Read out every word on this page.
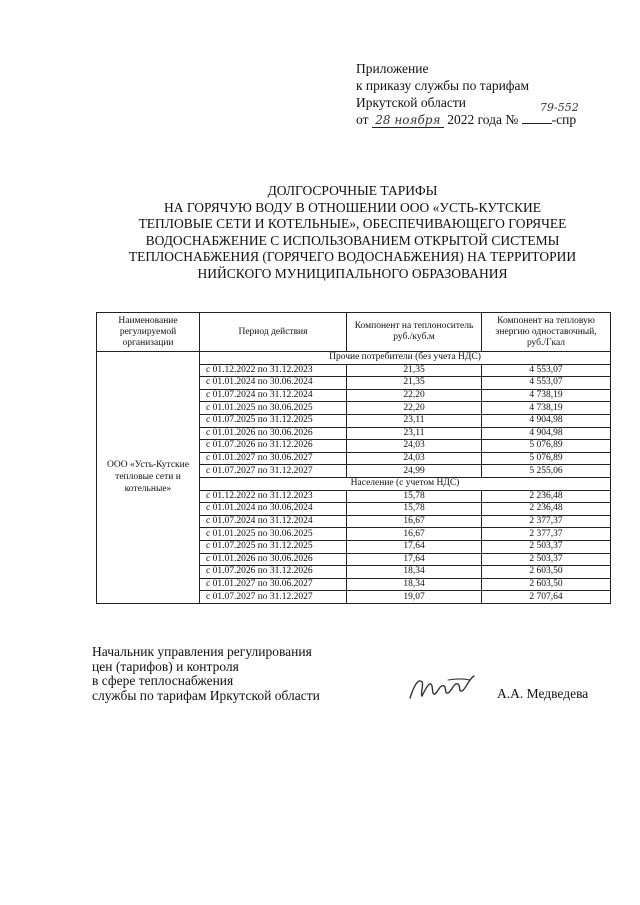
Приложение
к приказу службы по тарифам
Иркутской области
от 28 ноября 2022 года № -спр
79-552
ДОЛГОСРОЧНЫЕ ТАРИФЫ
НА ГОРЯЧУЮ ВОДУ В ОТНОШЕНИИ ООО «УСТЬ-КУТСКИЕ
ТЕПЛОВЫЕ СЕТИ И КОТЕЛЬНЫЕ», ОБЕСПЕЧИВАЮЩЕГО ГОРЯЧЕЕ
ВОДОСНАБЖЕНИЕ С ИСПОЛЬЗОВАНИЕМ ОТКРЫТОЙ СИСТЕМЫ
ТЕПЛОСНАБЖЕНИЯ (ГОРЯЧЕГО ВОДОСНАБЖЕНИЯ) НА ТЕРРИТОРИИ
НИЙСКОГО МУНИЦИПАЛЬНОГО ОБРАЗОВАНИЯ
Наименование регулируемой организации	Период действия	Компонент на теплоноситель руб./куб.м	Компонент на тепловую энергию одноставочный, руб./Гкал
ООО «Усть-Кутские тепловые сети и котельные»	Прочие потребители (без учета НДС)		
	с 01.12.2022 по 31.12.2023	21,35	4 553,07
	с 01.01.2024 по 30.06.2024	21,35	4 553,07
	с 01.07.2024 по 31.12.2024	22,20	4 738,19
	с 01.01.2025 по 30.06.2025	22,20	4 738,19
	с 01.07.2025 по 31.12.2025	23,11	4 904,98
	с 01.01.2026 по 30.06.2026	23,11	4 904,98
	с 01.07.2026 по 31.12.2026	24,03	5 076,89
	с 01.01.2027 по 30.06.2027	24,03	5 076,89
	с 01.07.2027 по 31.12.2027	24,99	5 255,06
	Население (с учетом НДС)		
	с 01.12.2022 по 31.12.2023	15,78	2 236,48
	с 01.01.2024 по 30.06.2024	15,78	2 236,48
	с 01.07.2024 по 31.12.2024	16,67	2 377,37
	с 01.01.2025 по 30.06.2025	16,67	2 377,37
	с 01.07.2025 по 31.12.2025	17,64	2 503,37
	с 01.01.2026 по 30.06.2026	17,64	2 503,37
	с 01.07.2026 по 31.12.2026	18,34	2 603,50
	с 01.01.2027 по 30.06.2027	18,34	2 603,50
	с 01.07.2027 по 31.12.2027	19,07	2 707,64
Начальник управления регулирования
цен (тарифов) и контроля
в сфере теплоснабжения
службы по тарифам Иркутской области	А.А. Медведева
